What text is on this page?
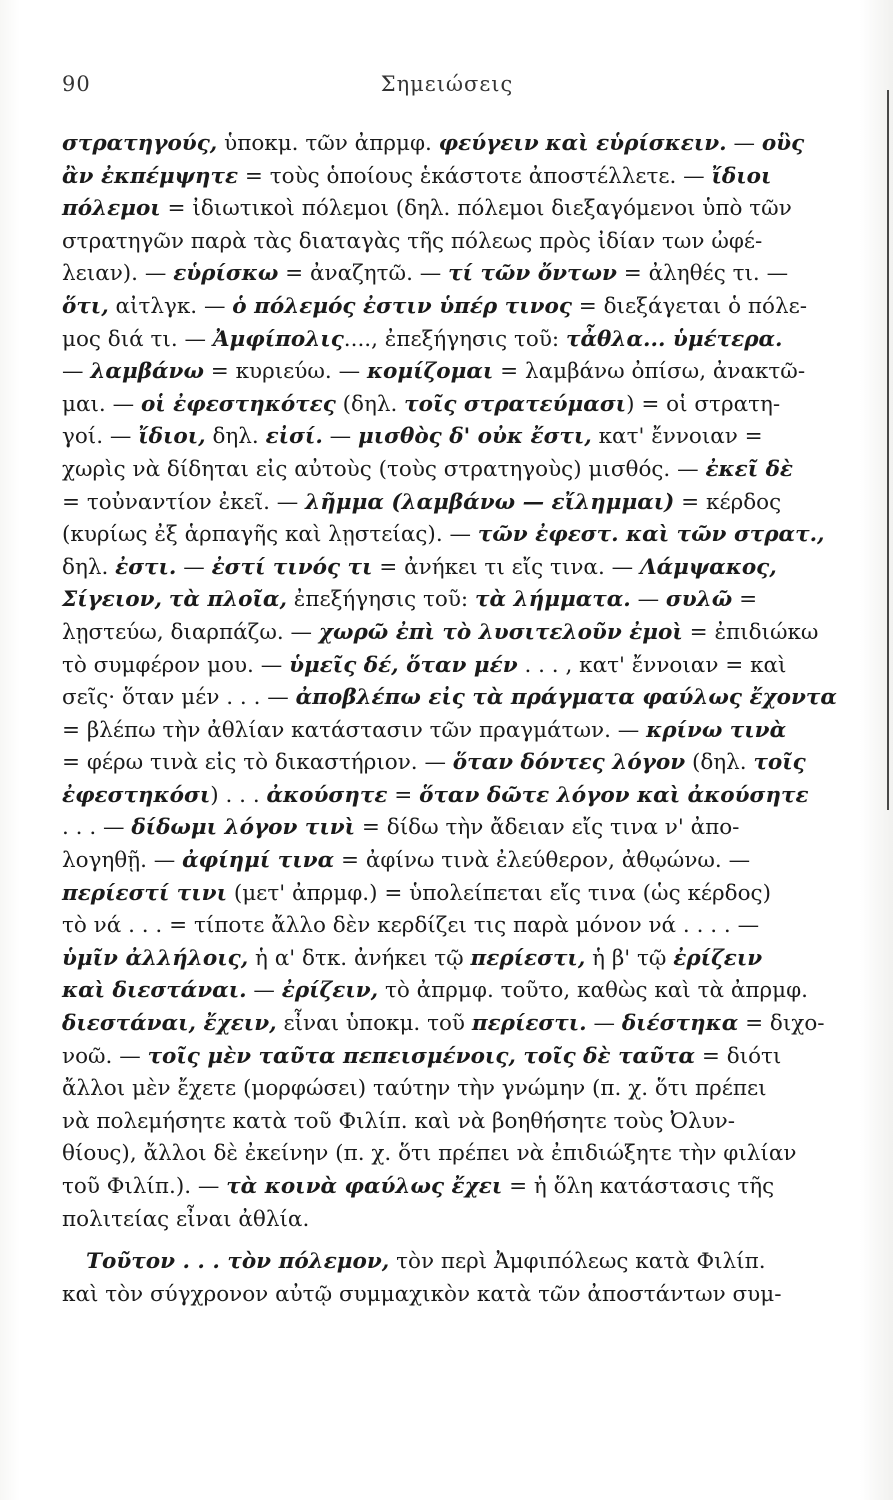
90	Σημειώσεις
στρατηγούς, ὑποκμ. τῶν ἀπρμφ. φεύγειν καὶ εὑρίσκειν. — οὓς
ἂν ἐκπέμψητε = τοὺς ὁποίους ἑκάστοτε ἀποστέλλετε. — ἴδιοι
πόλεμοι = ἰδιωτικοὶ πόλεμοι (δηλ. πόλεμοι διεξαγόμενοι ὑπὸ τῶν
στρατηγῶν παρὰ τὰς διαταγὰς τῆς πόλεως πρὸς ἰδίαν των ὠφέ-
λειαν). — εὑρίσκω = ἀναζητῶ. — τί τῶν ὄντων = ἀληθές τι. —
ὅτι, αἰτλγκ. — ὁ πόλεμός ἐστιν ὑπέρ τινος = διεξάγεται ὁ πόλε-
μος διά τι. — Ἀμφίπολις...., ἐπεξήγησις τοῦ: τἆθλα... ὑμέτερα.
— λαμβάνω = κυριεύω. — κομίζομαι = λαμβάνω ὀπίσω, ἀνακτῶ-
μαι. — οἱ ἐφεστηκότες (δηλ. τοῖς στρατεύμασι) = οἱ στρατη-
γοί. — ἴδιοι, δηλ. εἰσί. — μισθὸς δ' οὐκ ἔστι, κατ' ἔννοιαν =
χωρὶς νὰ δίδηται εἰς αὐτοὺς (τοὺς στρατηγοὺς) μισθός. — ἐκεῖ δὲ
= τοὐναντίον ἐκεῖ. — λῆμμα (λαμβάνω — εἴλημμαι) = κέρδος
(κυρίως ἐξ ἁρπαγῆς καὶ λῃστείας). — τῶν ἐφεστ. καὶ τῶν στρατ.,
δηλ. ἐστι. — ἐστί τινός τι = ἀνήκει τι εἴς τινα. — Λάμψακος,
Σίγειον, τὰ πλοῖα, ἐπεξήγησις τοῦ: τὰ λήμματα. — συλῶ =
λῃστεύω, διαρπάζω. — χωρῶ ἐπὶ τὸ λυσιτελοῦν ἐμοὶ = ἐπιδιώκω
τὸ συμφέρον μου. — ὑμεῖς δέ, ὅταν μέν . . . , κατ' ἔννοιαν = καὶ
σεῖς· ὅταν μέν . . . — ἀποβλέπω εἰς τὰ πράγματα φαύλως ἔχοντα
= βλέπω τὴν ἀθλίαν κατάστασιν τῶν πραγμάτων. — κρίνω τινὰ
= φέρω τινὰ εἰς τὸ δικαστήριον. — ὅταν δόντες λόγον (δηλ. τοῖς
ἐφεστηκόσι) . . . ἀκούσητε = ὅταν δῶτε λόγον καὶ ἀκούσητε
. . . — δίδωμι λόγον τινὶ = δίδω τὴν ἄδειαν εἴς τινα ν' ἀπο-
λογηθῇ. — ἀφίημί τινα = ἀφίνω τινὰ ἐλεύθερον, ἀθῳώνω. —
περίεστί τινι (μετ' ἀπρμφ.) = ὑπολείπεται εἴς τινα (ὡς κέρδος)
τὸ νά . . . = τίποτε ἄλλο δὲν κερδίζει τις παρὰ μόνον νά . . . . —
ὑμῖν ἀλλήλοις, ἡ α' δτκ. ἀνήκει τῷ περίεστι, ἡ β' τῷ ἐρίζειν
καὶ διεστάναι. — ἐρίζειν, τὸ ἀπρμφ. τοῦτο, καθὼς καὶ τὰ ἀπρμφ.
διεστάναι, ἔχειν, εἶναι ὑποκμ. τοῦ περίεστι. — διέστηκα = διχο-
νοῶ. — τοῖς μὲν ταῦτα πεπεισμένοις, τοῖς δὲ ταῦτα = διότι
ἄλλοι μὲν ἔχετε (μορφώσει) ταύτην τὴν γνώμην (π. χ. ὅτι πρέπει
νὰ πολεμήσητε κατὰ τοῦ Φιλίπ. καὶ νὰ βοηθήσητε τοὺς Ὀλυν-
θίους), ἄλλοι δὲ ἐκείνην (π. χ. ὅτι πρέπει νὰ ἐπιδιώξητε τὴν φιλίαν
τοῦ Φιλίπ.). — τὰ κοινὰ φαύλως ἔχει = ἡ ὅλη κατάστασις τῆς
πολιτείας εἶναι ἀθλία.
Τοῦτον . . . τὸν πόλεμον, τὸν περὶ Ἀμφιπόλεως κατὰ Φιλίπ.
καὶ τὸν σύγχρονον αὐτῷ συμμαχικὸν κατὰ τῶν ἀποστάντων συμ-
